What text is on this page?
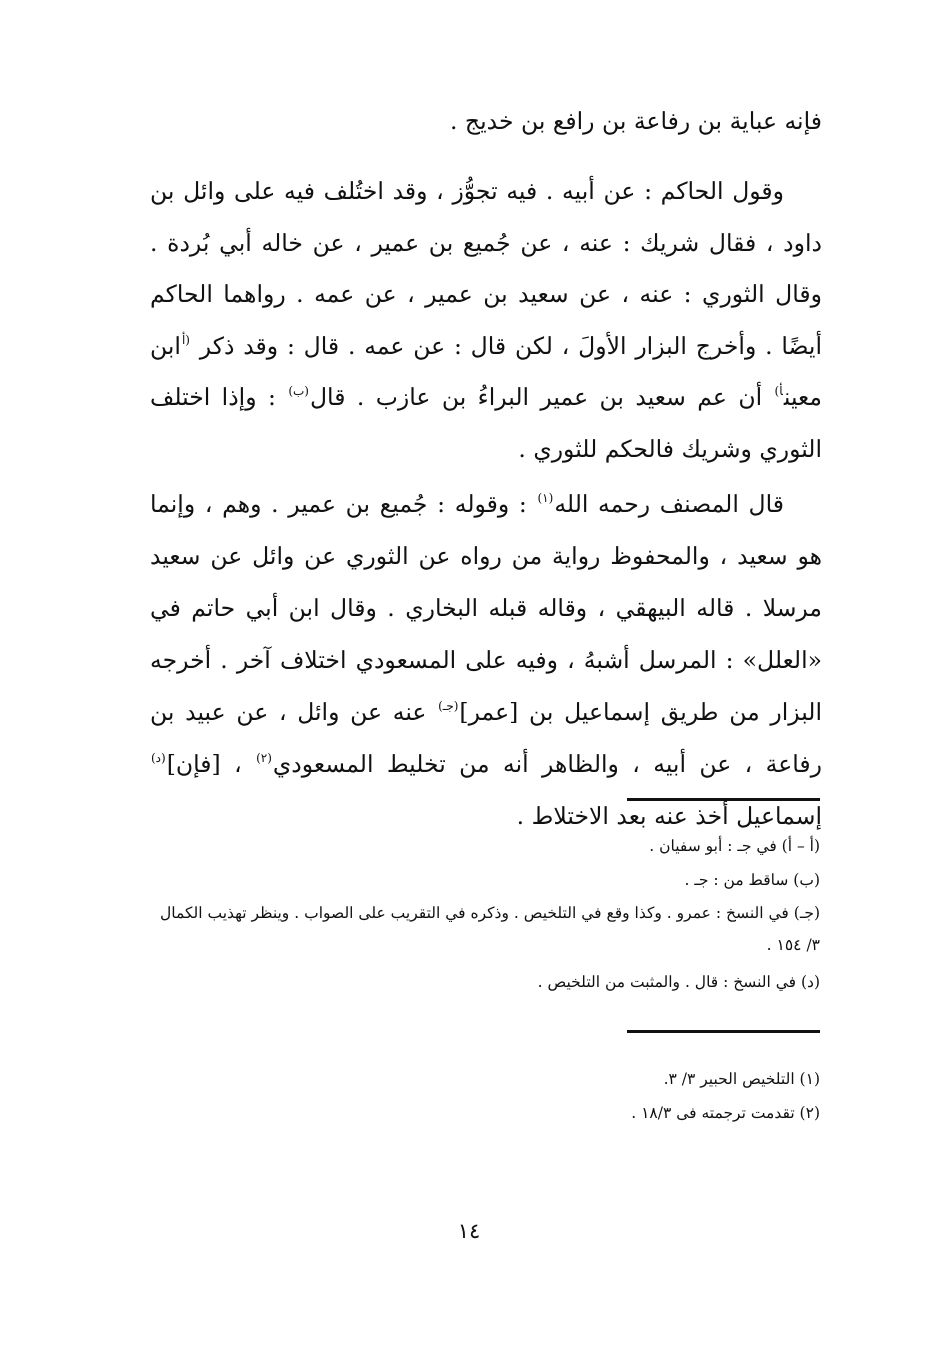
فإنه عباية بن رفاعة بن رافع بن خديج .

وقول الحاكم : عن أبيه . فيه تجوُّز ، وقد اختُلف فيه على وائل بن داود ، فقال شريك : عنه ، عن جُميع بن عمير ، عن خاله أبي بُردة . وقال الثوري : عنه ، عن سعيد بن عمير ، عن عمه . رواهما الحاكم أيضًا . وأخرج البزار الأولَ ، لكن قال : عن عمه . قال : وقد ذكر $^{(أ}$ابن معين$^{أ)}$ أن عم سعيد بن عمير البراءُ بن عازب . قال$^{(ب)}$ : وإذا اختلف الثوري وشريك فالحكم للثوري .

قال المصنف رحمه الله$^{(١)}$ : وقوله : جُميع بن عمير . وهم ، وإنما هو سعيد ، والمحفوظ رواية من رواه عن الثوري عن وائل عن سعيد مرسلا . قاله البيهقي ، وقاله قبله البخاري . وقال ابن أبي حاتم في «العلل» : المرسل أشبهُ ، وفيه على المسعودي اختلاف آخر . أخرجه البزار من طريق إسماعيل بن [عمر]$^{(جـ)}$ عنه عن وائل ، عن عبيد بن رفاعة ، عن أبيه ، والظاهر أنه من تخليط المسعودي$^{(٢)}$ ، [فإن]$^{(د)}$ إسماعيل أخذ عنه بعد الاختلاط .

(أ – أ) في جـ : أبو سفيان .
(ب) ساقط من : جـ .
(جـ) في النسخ : عمرو . وكذا وقع في التلخيص . وذكره في التقريب على الصواب . وينظر تهذيب الكمال ٣/ ١٥٤ .
(د) في النسخ : قال . والمثبت من التلخيص .
(١) التلخيص الحبير ٣/ ٣.
(٢) تقدمت ترجمته فى ١٨/٣ .
١٤
